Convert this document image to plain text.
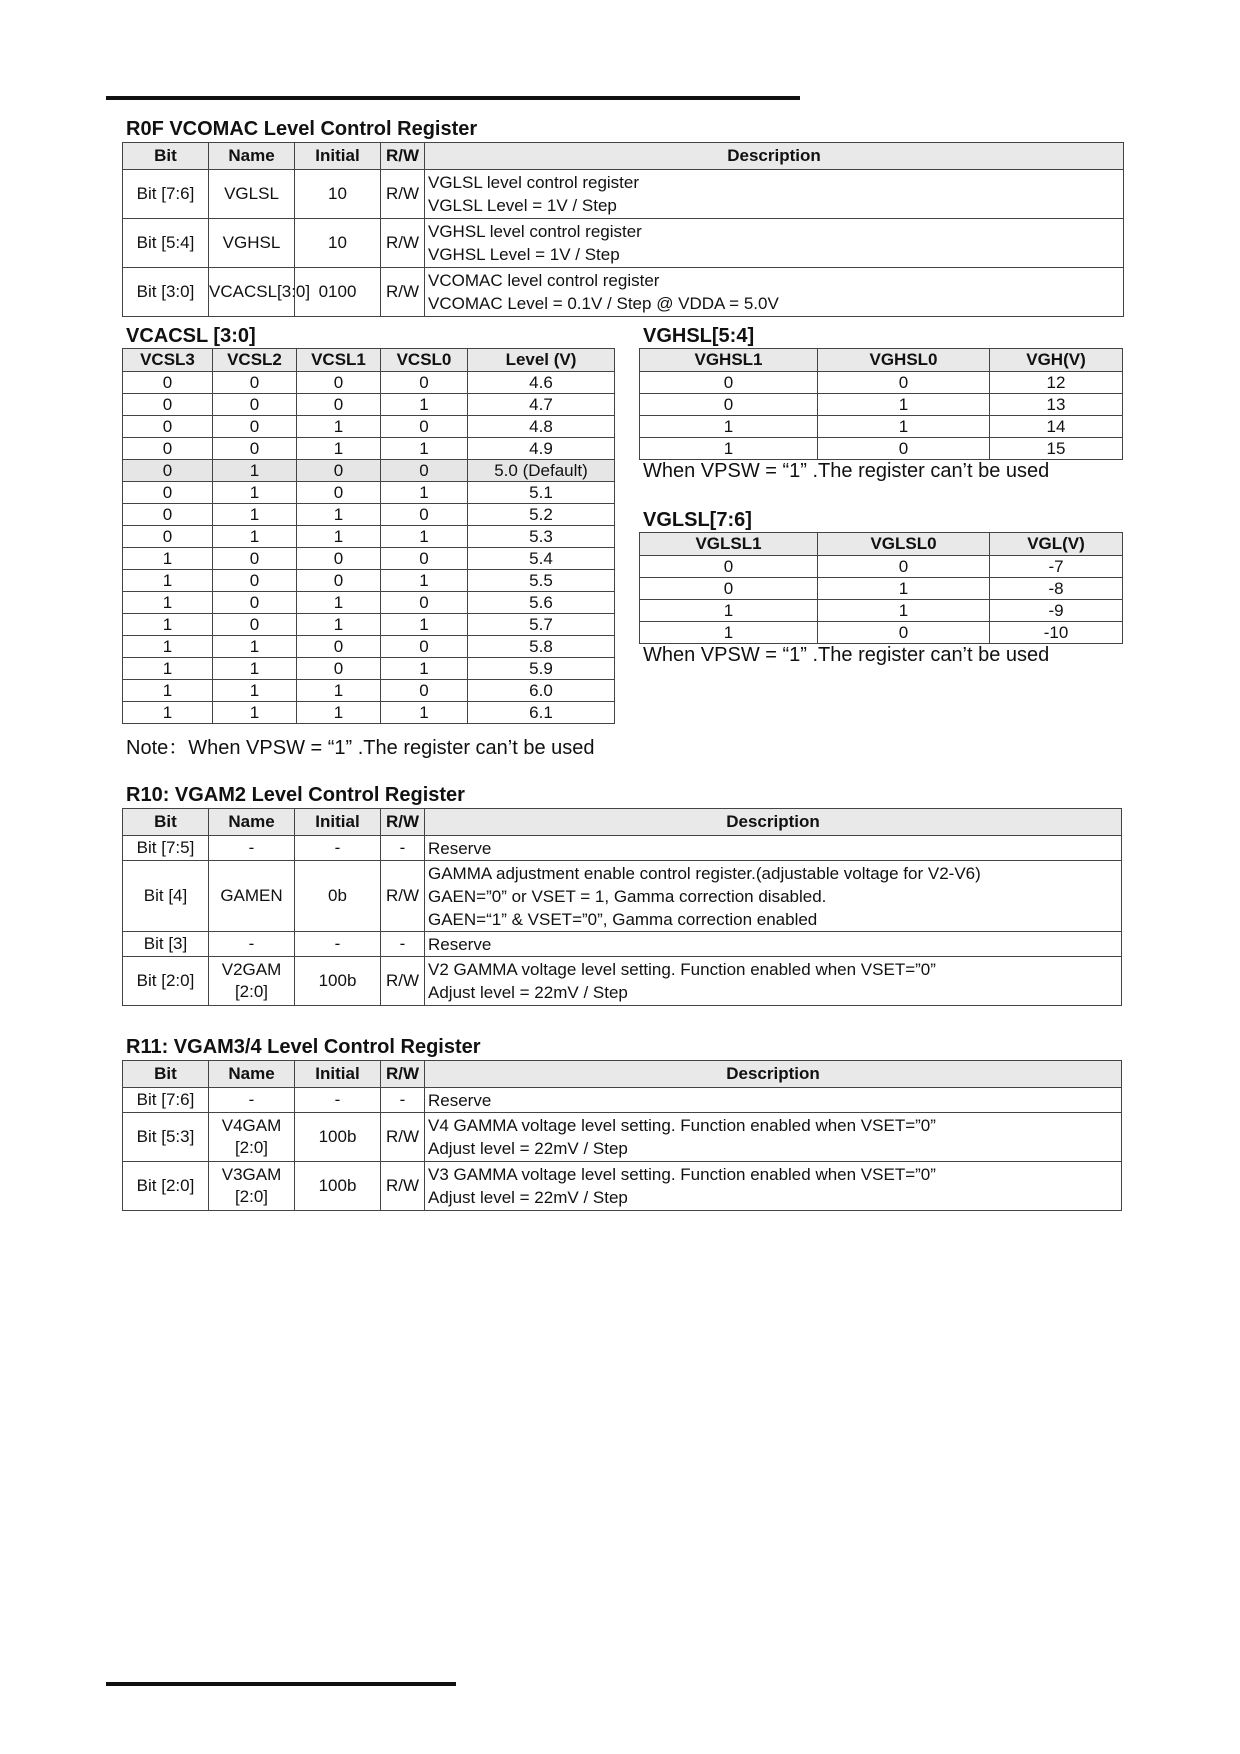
R0F VCOMAC Level Control Register
Bit	Name	Initial	R/W	Description
Bit [7:6]	VGLSL	10	R/W	VGLSL level control register
VGLSL Level = 1V / Step

Bit [5:4]	VGHSL	10	R/W	VGHSL level control register
VGHSL Level = 1V / Step

Bit [3:0]	VCACSL[3:0]	0100	R/W	VCOMAC level control register
VCOMAC Level = 0.1V / Step @ VDDA = 5.0V
VCACSL [3:0]
VCSL3	VCSL2	VCSL1	VCSL0	Level (V)
0	0	0	0	4.6
0	0	0	1	4.7
0	0	1	0	4.8
0	0	1	1	4.9
0	1	0	0	5.0 (Default)
0	1	0	1	5.1
0	1	1	0	5.2
0	1	1	1	5.3
1	0	0	0	5.4
1	0	0	1	5.5
1	0	1	0	5.6
1	0	1	1	5.7
1	1	0	0	5.8
1	1	0	1	5.9
1	1	1	0	6.0
1	1	1	1	6.1
Note：When VPSW = “1” .The register can’t be used
VGHSL[5:4]
VGHSL1	VGHSL0	VGH(V)
0	0	12
0	1	13
1	1	14
1	0	15
When VPSW = “1” .The register can’t be used
VGLSL[7:6]
VGLSL1	VGLSL0	VGL(V)
0	0	-7
0	1	-8
1	1	-9
1	0	-10
When VPSW = “1” .The register can’t be used
R10: VGAM2 Level Control Register
Bit	Name	Initial	R/W	Description
Bit [7:5]	-	-	-	Reserve

Bit [4]	GAMEN	0b	R/W	GAMMA adjustment enable control register.(adjustable voltage for V2-V6)
GAEN=”0” or VSET = 1, Gamma correction disabled.
GAEN=“1” & VSET=”0”, Gamma correction enabled

Bit [3]	-	-	-	Reserve

Bit [2:0]	V2GAM [2:0]	100b	R/W	V2 GAMMA voltage level setting. Function enabled when VSET=”0”
Adjust level = 22mV / Step
R11: VGAM3/4 Level Control Register
Bit	Name	Initial	R/W	Description
Bit [7:6]	-	-	-	Reserve

Bit [5:3]	V4GAM [2:0]	100b	R/W	V4 GAMMA voltage level setting. Function enabled when VSET=”0”
Adjust level = 22mV / Step

Bit [2:0]	V3GAM [2:0]	100b	R/W	V3 GAMMA voltage level setting. Function enabled when VSET=”0”
Adjust level = 22mV / Step
